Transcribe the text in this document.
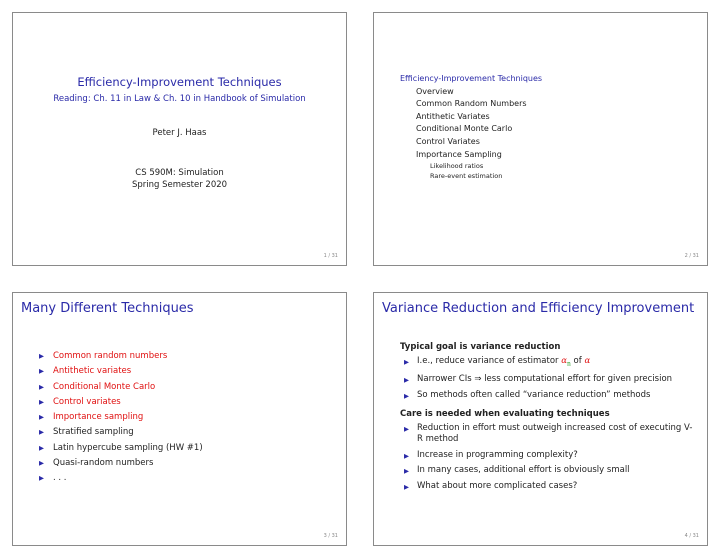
Efficiency-Improvement Techniques
Reading: Ch. 11 in Law & Ch. 10 in Handbook of Simulation
Peter J. Haas
CS 590M: Simulation
Spring Semester 2020
1 / 31
Efficiency-Improvement Techniques
Overview
Common Random Numbers
Antithetic Variates
Conditional Monte Carlo
Control Variates
Importance Sampling
Likelihood ratios
Rare-event estimation
2 / 31
Many Different Techniques
▶ Common random numbers
▶ Antithetic variates
▶ Conditional Monte Carlo
▶ Control variates
▶ Importance sampling
▶ Stratified sampling
▶ Latin hypercube sampling (HW #1)
▶ Quasi-random numbers
▶ . . .
3 / 31
Variance Reduction and Efficiency Improvement
Typical goal is variance reduction
▶ I.e., reduce variance of estimator $\alpha_n$ of α
▶ Narrower CIs ⇒ less computational effort for given precision
▶ So methods often called “variance reduction” methods
Care is needed when evaluating techniques
▶ Reduction in effort must outweigh increased cost of executing V-R method
▶ Increase in programming complexity?
▶ In many cases, additional effort is obviously small
▶ What about more complicated cases?
4 / 31
